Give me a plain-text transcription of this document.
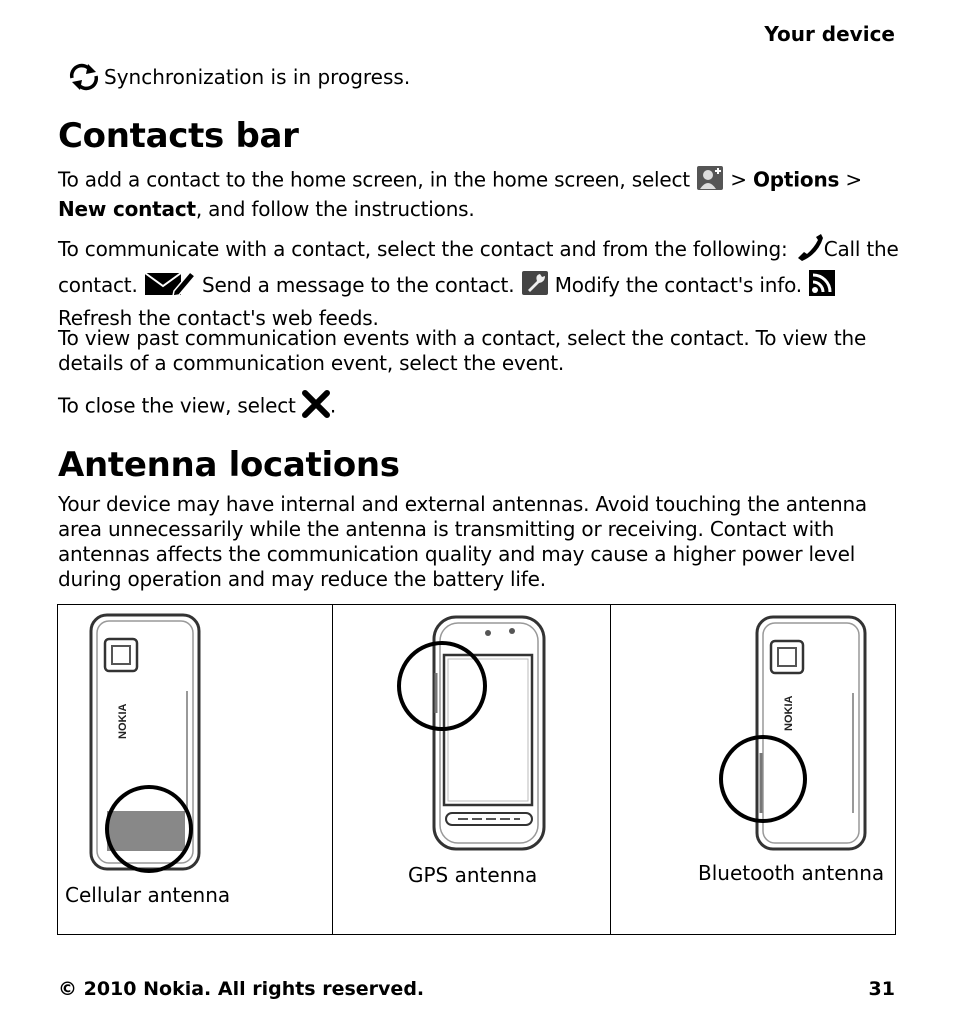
Your device
Synchronization is in progress.
Contacts bar

To add a contact to the home screen, in the home screen, select  > Options > New contact, and follow the instructions.

To communicate with a contact, select the contact and from the following: Call the contact.	Send a message to the contact. Modify the contact's info.  Refresh the contact's web feeds.

To view past communication events with a contact, select the contact. To view the details of a communication event, select the event.

To close the view, select .

Antenna locations

Your device may have internal and external antennas. Avoid touching the antenna area unnecessarily while the antenna is transmitting or receiving. Contact with antennas affects the communication quality and may cause a higher power level during operation and may reduce the battery life.

NOKIA
Cellular antenna
GPS antenna
NOKIA
Bluetooth antenna
© 2010 Nokia. All rights reserved.	31
